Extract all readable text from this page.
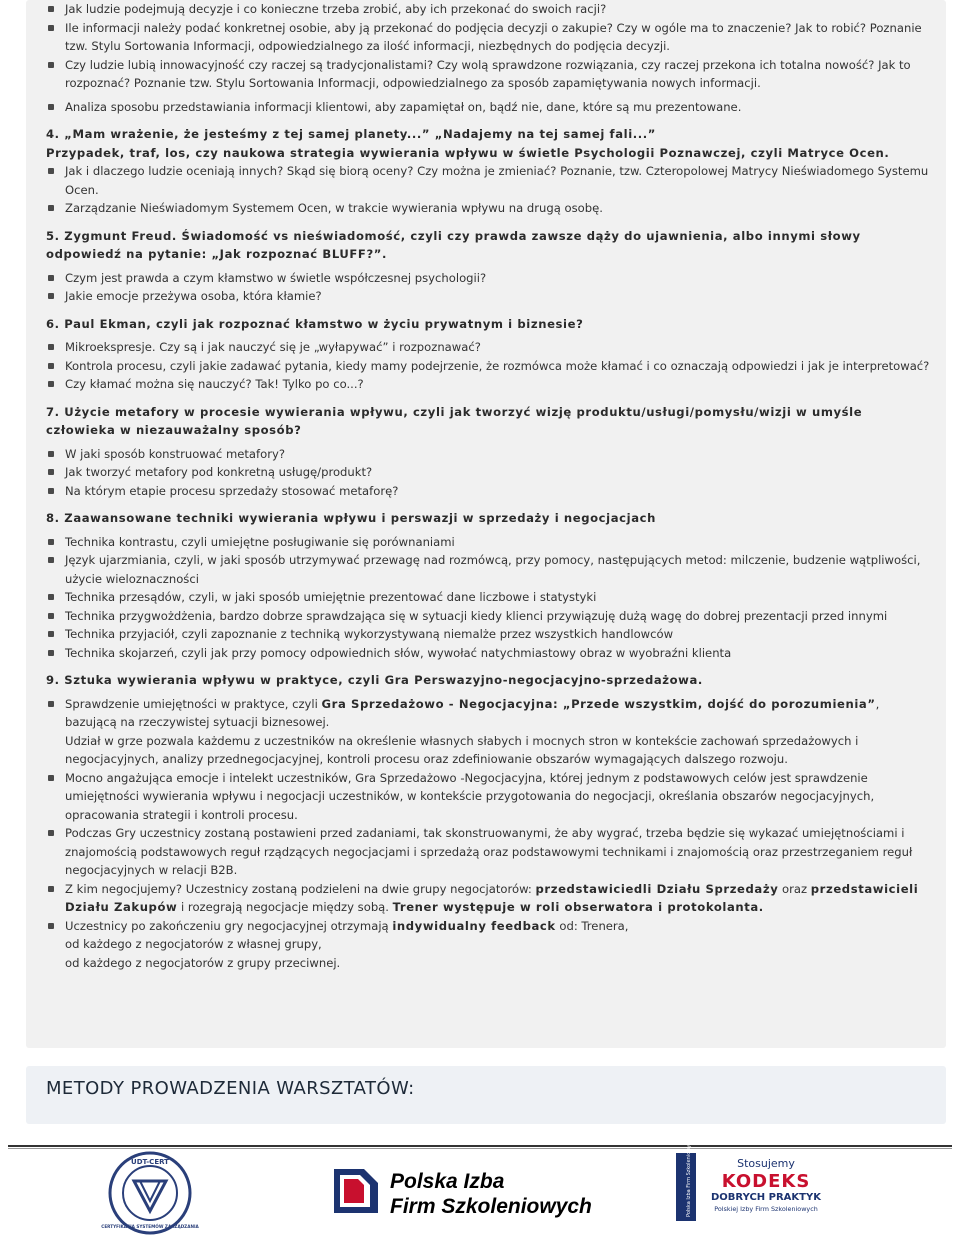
Jak ludzie podejmują decyzje i co konieczne trzeba zrobić, aby ich przekonać do swoich racji?
Ile informacji należy podać konkretnej osobie, aby ją przekonać do podjęcia decyzji o zakupie? Czy w ogóle ma to znaczenie? Jak to robić? Poznanie tzw. Stylu Sortowania Informacji, odpowiedzialnego za ilość informacji, niezbędnych do podjęcia decyzji.
Czy ludzie lubią innowacyjność czy raczej są tradycjonalistami? Czy wolą sprawdzone rozwiązania, czy raczej przekona ich totalna nowość? Jak to rozpoznać? Poznanie tzw. Stylu Sortowania Informacji, odpowiedzialnego za sposób zapamiętywania nowych informacji.
Analiza sposobu przedstawiania informacji klientowi, aby zapamiętał on, bądź nie, dane, które są mu prezentowane.
4. „Mam wrażenie, że jesteśmy z tej samej planety...” „Nadajemy na tej samej fali...”
Przypadek, traf, los, czy naukowa strategia wywierania wpływu w świetle Psychologii Poznawczej, czyli Matryce Ocen.
Jak i dlaczego ludzie oceniają innych? Skąd się biorą oceny? Czy można je zmieniać? Poznanie, tzw. Czteropolowej Matrycy Nieświadomego Systemu Ocen.
Zarządzanie Nieświadomym Systemem Ocen, w trakcie wywierania wpływu na drugą osobę.
5. Zygmunt Freud. Świadomość vs nieświadomość, czyli czy prawda zawsze dąży do ujawnienia, albo innymi słowy odpowiedź na pytanie: „Jak rozpoznać BLUFF?”.
Czym jest prawda a czym kłamstwo w świetle współczesnej psychologii?
Jakie emocje przeżywa osoba, która kłamie?
6. Paul Ekman, czyli jak rozpoznać kłamstwo w życiu prywatnym i biznesie?
Mikroekspresje. Czy są i jak nauczyć się je „wyłapywać” i rozpoznawać?
Kontrola procesu, czyli jakie zadawać pytania, kiedy mamy podejrzenie, że rozmówca może kłamać i co oznaczają odpowiedzi i jak je interpretować?
Czy kłamać można się nauczyć? Tak! Tylko po co...?
7. Użycie metafory w procesie wywierania wpływu, czyli jak tworzyć wizję produktu/usługi/pomysłu/wizji w umyśle człowieka w niezauważalny sposób?
W jaki sposób konstruować metafory?
Jak tworzyć metafory pod konkretną usługę/produkt?
Na którym etapie procesu sprzedaży stosować metaforę?
8. Zaawansowane techniki wywierania wpływu i perswazji w sprzedaży i negocjacjach
Technika kontrastu, czyli umiejętne posługiwanie się porównaniami
Język ujarzmiania, czyli, w jaki sposób utrzymywać przewagę nad rozmówcą, przy pomocy, następujących metod: milczenie, budzenie wątpliwości, użycie wieloznaczności
Technika przesądów, czyli, w jaki sposób umiejętnie prezentować dane liczbowe i statystyki
Technika przygwożdżenia, bardzo dobrze sprawdzająca się w sytuacji kiedy klienci przywiązuję dużą wagę do dobrej prezentacji przed innymi
Technika przyjaciół, czyli zapoznanie z techniką wykorzystywaną niemalże przez wszystkich handlowców
Technika skojarzeń, czyli jak przy pomocy odpowiednich słów, wywołać natychmiastowy obraz w wyobraźni klienta
9. Sztuka wywierania wpływu w praktyce, czyli Gra Perswazyjno-negocjacyjno-sprzedażowa.
Sprawdzenie umiejętności w praktyce, czyli Gra Sprzedażowo - Negocjacyjna: „Przede wszystkim, dojść do porozumienia”, bazującą na rzeczywistej sytuacji biznesowej.
Udział w grze pozwala każdemu z uczestników na określenie własnych słabych i mocnych stron w kontekście zachowań sprzedażowych i negocjacyjnych, analizy przednegocjacyjnej, kontroli procesu oraz zdefiniowanie obszarów wymagających dalszego rozwoju.
Mocno angażująca emocje i intelekt uczestników, Gra Sprzedażowo -Negocjacyjna, której jednym z podstawowych celów jest sprawdzenie umiejętności wywierania wpływu i negocjacji uczestników, w kontekście przygotowania do negocjacji, określania obszarów negocjacyjnych, opracowania strategii i kontroli procesu.
Podczas Gry uczestnicy zostaną postawieni przed zadaniami, tak skonstruowanymi, że aby wygrać, trzeba będzie się wykazać umiejętnościami i znajomością podstawowych reguł rządzących negocjacjami i sprzedażą oraz podstawowymi technikami i znajomością oraz przestrzeganiem reguł negocjacyjnych w relacji B2B.
Z kim negocjujemy? Uczestnicy zostaną podzieleni na dwie grupy negocjatorów: przedstawiciedli Działu Sprzedaży oraz przedstawicieli Działu Zakupów i rozegrają negocjacje między sobą. Trener występuje w roli obserwatora i protokolanta.
Uczestnicy po zakończeniu gry negocjacyjnej otrzymają indywidualny feedback od: Trenera,
od każdego z negocjatorów z własnej grupy,
od każdego z negocjatorów z grupy przeciwnej.
METODY PROWADZENIA WARSZTATÓW:
UDT-CERT
CERTYFIKACJA SYSTEMÓW ZARZĄDZANIA
Polska Izba
Firm Szkoleniowych	Polska Izba Firm Szkoleniowych	Stosujemy
KODEKS
DOBRYCH PRAKTYK
Polskiej Izby Firm Szkoleniowych
